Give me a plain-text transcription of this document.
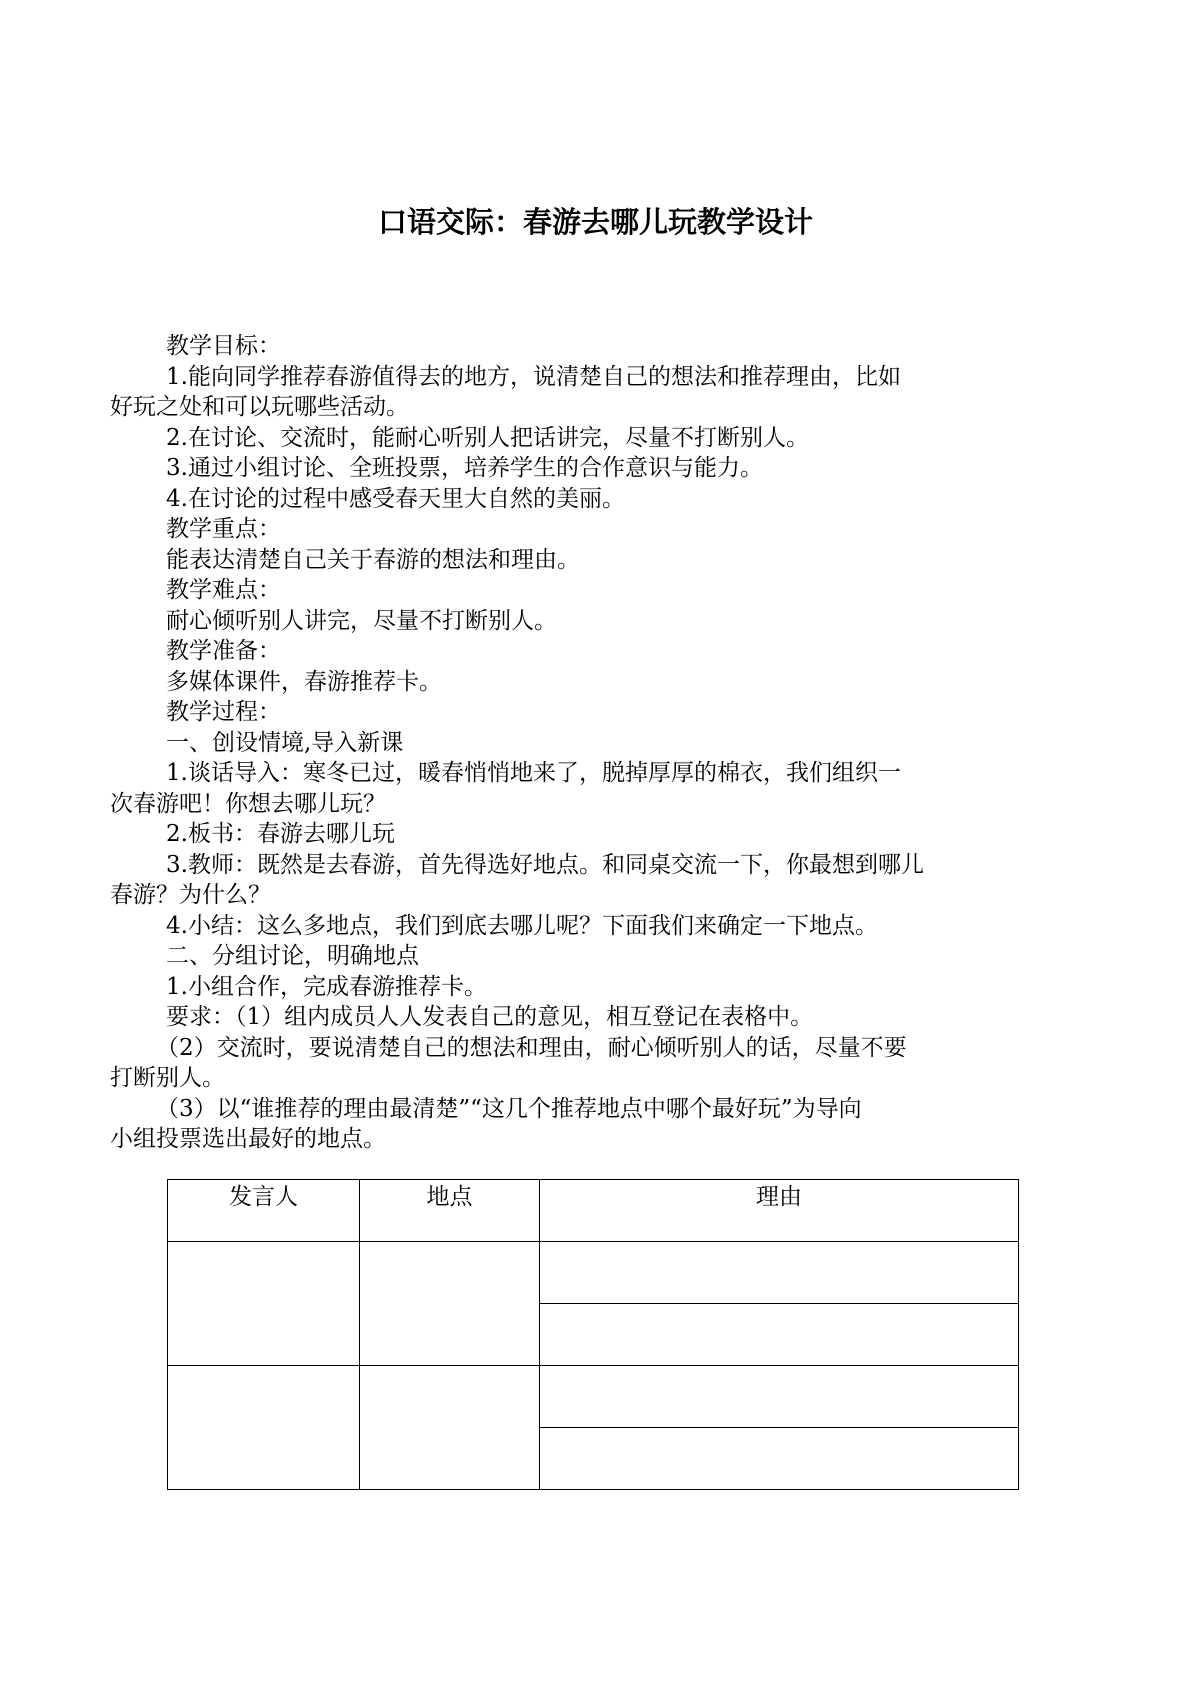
口语交际：春游去哪儿玩教学设计

教学目标：

1.能向同学推荐春游值得去的地方，说清楚自己的想法和推荐理由，比如

好玩之处和可以玩哪些活动。

2.在讨论、交流时，能耐心听别人把话讲完，尽量不打断别人。

3.通过小组讨论、全班投票，培养学生的合作意识与能力。

4.在讨论的过程中感受春天里大自然的美丽。

教学重点：

能表达清楚自己关于春游的想法和理由。

教学难点：

耐心倾听别人讲完，尽量不打断别人。

教学准备：

多媒体课件，春游推荐卡。

教学过程：

一、创设情境,导入新课

1.谈话导入：寒冬已过，暖春悄悄地来了，脱掉厚厚的棉衣，我们组织一

次春游吧！你想去哪儿玩？

2.板书：春游去哪儿玩

3.教师：既然是去春游，首先得选好地点。和同桌交流一下，你最想到哪儿

春游？为什么？

4.小结：这么多地点，我们到底去哪儿呢？下面我们来确定一下地点。

二、分组讨论，明确地点

1.小组合作，完成春游推荐卡。

要求：（1）组内成员人人发表自己的意见，相互登记在表格中。

（2）交流时，要说清楚自己的想法和理由，耐心倾听别人的话，尽量不要

打断别人。

（3）以“谁推荐的理由最清楚”“这几个推荐地点中哪个最好玩”为导向

小组投票选出最好的地点。

发言人	地点	理由
